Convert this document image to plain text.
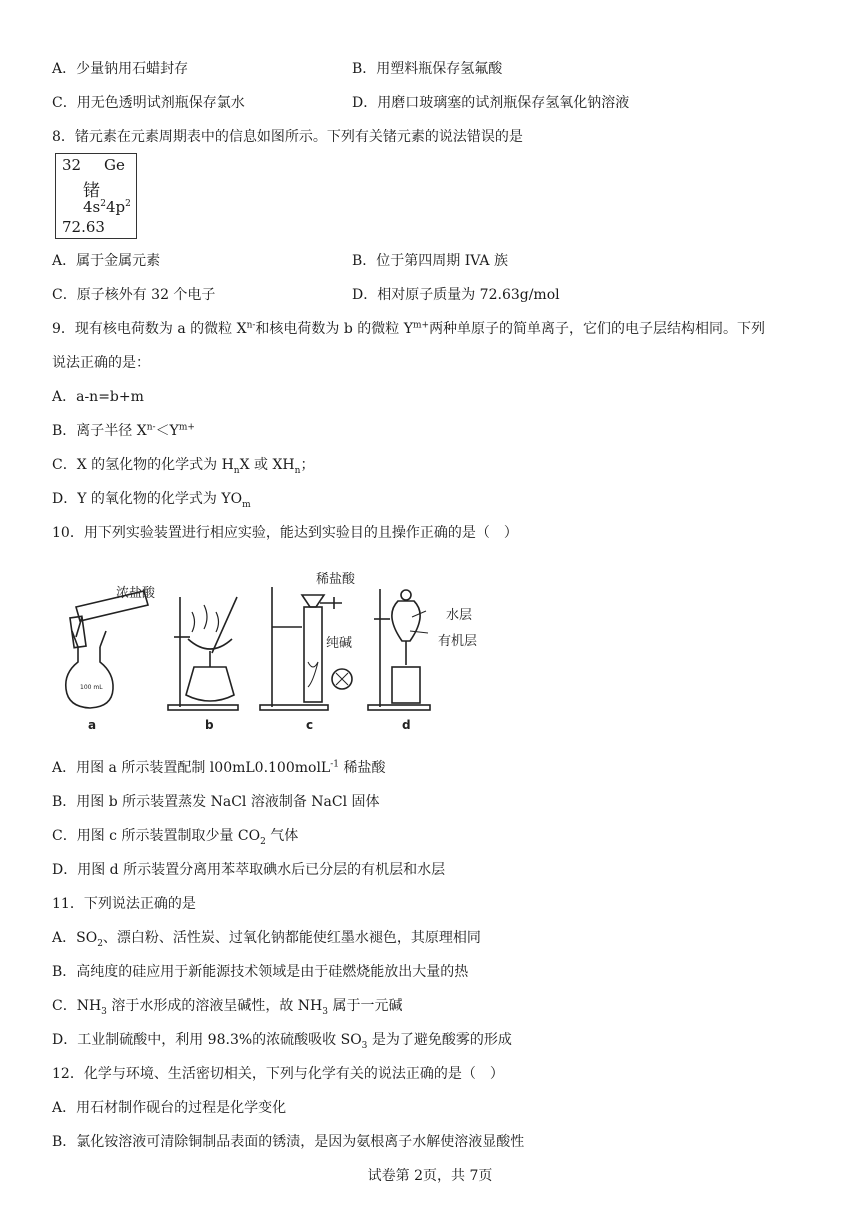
A．少量钠用石蜡封存	B．用塑料瓶保存氢氟酸
C．用无色透明试剂瓶保存氯水	D．用磨口玻璃塞的试剂瓶保存氢氧化钠溶液
8．锗元素在元素周期表中的信息如图所示。下列有关锗元素的说法错误的是
32 Ge
锗
$4s^24p^2$
72.63
A．属于金属元素	B．位于第四周期 IVA 族
C．原子核外有 32 个电子	D．相对原子质量为 72.63g/mol
9．现有核电荷数为 a 的微粒 $X^{n-}$和核电荷数为 b 的微粒 $Y^{m+}$两种单原子的简单离子，它们的电子层结构相同。下列
说法正确的是：
A．a-n=b+m
B．离子半径 $X^{n-}<Y^{m+}$
C．X 的氢化物的化学式为 $H_nX$ 或 $XH_n$；
D．Y 的氧化物的化学式为 $YO_m$
10．用下列实验装置进行相应实验，能达到实验目的且操作正确的是（　）
100 mL
浓盐酸
a	b
稀盐酸
纯碱
c	d
水层
有机层
A．用图 a 所示装置配制 l00mL0.100molL$^{-1}$ 稀盐酸
B．用图 b 所示装置蒸发 NaCl 溶液制备 NaCl 固体
C．用图 c 所示装置制取少量 $CO_2$ 气体
D．用图 d 所示装置分离用苯萃取碘水后已分层的有机层和水层
11．下列说法正确的是
A．$SO_2$、漂白粉、活性炭、过氧化钠都能使红墨水褪色，其原理相同
B．高纯度的硅应用于新能源技术领域是由于硅燃烧能放出大量的热
C．$NH_3$ 溶于水形成的溶液呈碱性，故 $NH_3$ 属于一元碱
D．工业制硫酸中，利用 98.3%的浓硫酸吸收 $SO_3$ 是为了避免酸雾的形成
12．化学与环境、生活密切相关，下列与化学有关的说法正确的是（　）
A．用石材制作砚台的过程是化学变化
B．氯化铵溶液可清除铜制品表面的锈渍，是因为氨根离子水解使溶液显酸性
试卷第 2页，共 7页
